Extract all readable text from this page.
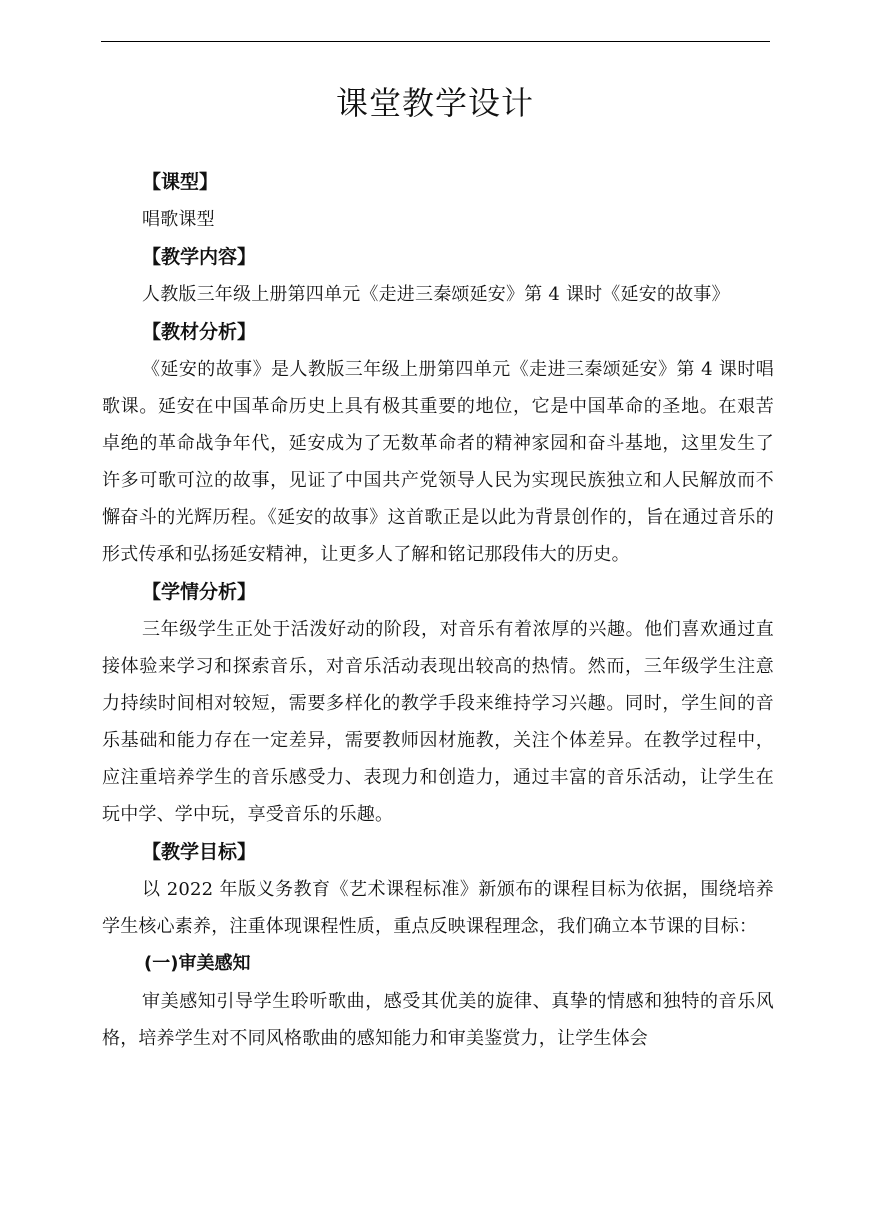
课堂教学设计
【课型】

唱歌课型

【教学内容】

人教版三年级上册第四单元《走进三秦颂延安》第 4 课时《延安的故事》

【教材分析】

《延安的故事》是人教版三年级上册第四单元《走进三秦颂延安》第 4 课时唱歌课。延安在中国革命历史上具有极其重要的地位，它是中国革命的圣地。在艰苦卓绝的革命战争年代，延安成为了无数革命者的精神家园和奋斗基地，这里发生了许多可歌可泣的故事，见证了中国共产党领导人民为实现民族独立和人民解放而不懈奋斗的光辉历程。《延安的故事》这首歌正是以此为背景创作的，旨在通过音乐的形式传承和弘扬延安精神，让更多人了解和铭记那段伟大的历史。

【学情分析】

三年级学生正处于活泼好动的阶段，对音乐有着浓厚的兴趣。他们喜欢通过直接体验来学习和探索音乐，对音乐活动表现出较高的热情。然而，三年级学生注意力持续时间相对较短，需要多样化的教学手段来维持学习兴趣。同时，学生间的音乐基础和能力存在一定差异，需要教师因材施教，关注个体差异。在教学过程中，应注重培养学生的音乐感受力、表现力和创造力，通过丰富的音乐活动，让学生在玩中学、学中玩，享受音乐的乐趣。

【教学目标】

以 2022 年版义务教育《艺术课程标准》新颁布的课程目标为依据，围绕培养学生核心素养，注重体现课程性质，重点反映课程理念，我们确立本节课的目标：

(一)审美感知

审美感知引导学生聆听歌曲，感受其优美的旋律、真挚的情感和独特的音乐风格，培养学生对不同风格歌曲的感知能力和审美鉴赏力，让学生体会
